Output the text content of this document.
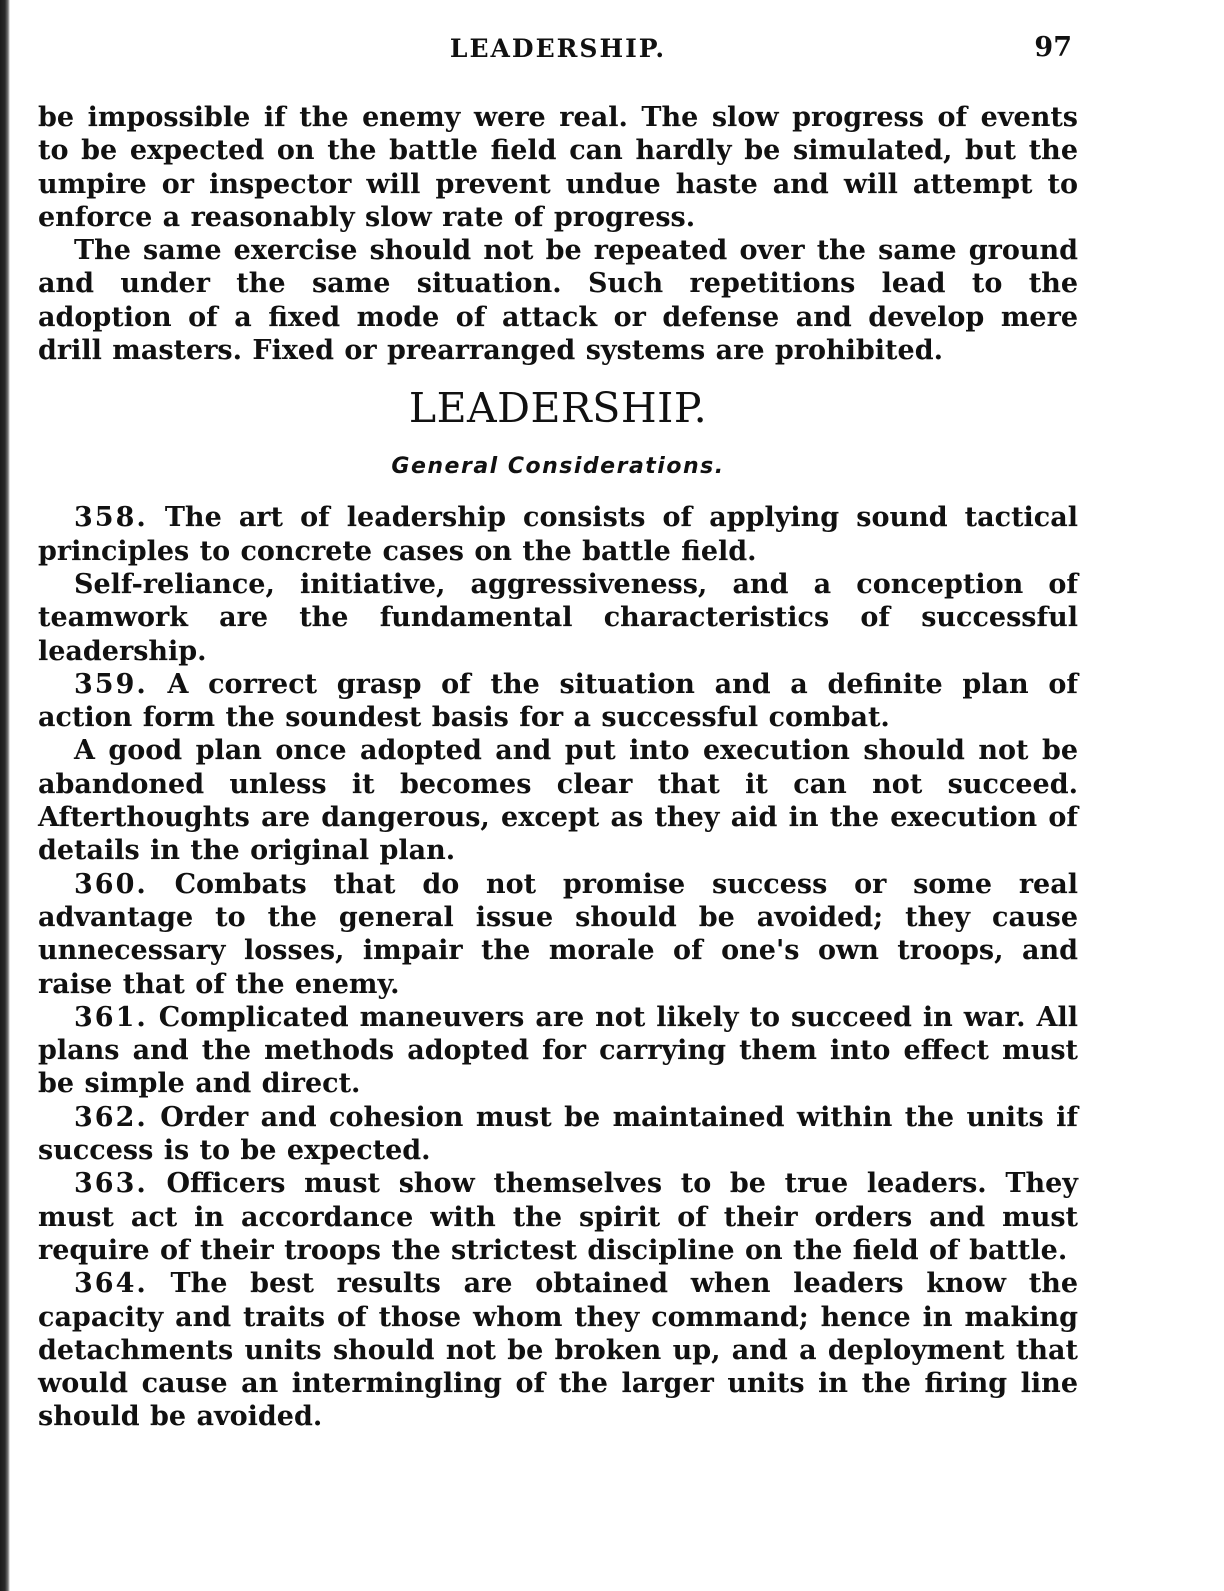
LEADERSHIP.	97

be impossible if the enemy were real. The slow progress of events to be expected on the battle field can hardly be simulated, but the umpire or inspector will prevent undue haste and will attempt to enforce a reasonably slow rate of progress.

The same exercise should not be repeated over the same ground and under the same situation. Such repetitions lead to the adoption of a fixed mode of attack or defense and develop mere drill masters. Fixed or prearranged systems are prohibited.

LEADERSHIP.
General Considerations.

358. The art of leadership consists of applying sound tactical principles to concrete cases on the battle field.

Self-reliance, initiative, aggressiveness, and a conception of teamwork are the fundamental characteristics of successful leadership.

359. A correct grasp of the situation and a definite plan of action form the soundest basis for a successful combat.

A good plan once adopted and put into execution should not be abandoned unless it becomes clear that it can not succeed. Afterthoughts are dangerous, except as they aid in the execution of details in the original plan.

360. Combats that do not promise success or some real advantage to the general issue should be avoided; they cause unnecessary losses, impair the morale of one's own troops, and raise that of the enemy.

361. Complicated maneuvers are not likely to succeed in war. All plans and the methods adopted for carrying them into effect must be simple and direct.

362. Order and cohesion must be maintained within the units if success is to be expected.

363. Officers must show themselves to be true leaders. They must act in accordance with the spirit of their orders and must require of their troops the strictest discipline on the field of battle.

364. The best results are obtained when leaders know the capacity and traits of those whom they command; hence in making detachments units should not be broken up, and a deployment that would cause an intermingling of the larger units in the firing line should be avoided.
